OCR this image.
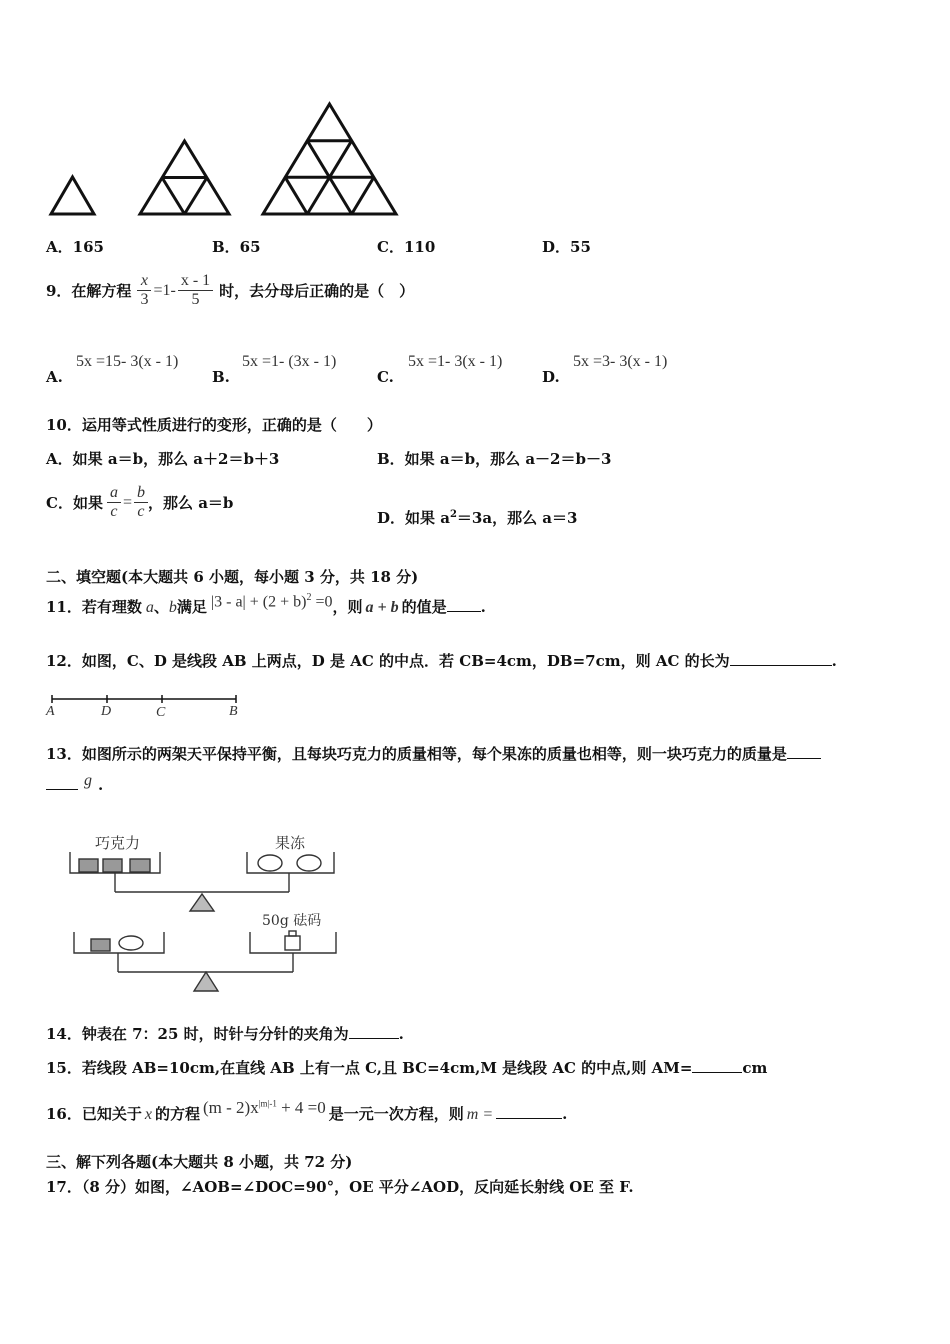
A．165	B．65	C．110	D．55
9．在解方程 $\frac{x}{3} =1- \frac{x - 1}{5}$ 时，去分母后正确的是（　）
A.
5x =15- 3(x - 1)
B.
5x =1- (3x - 1)
C.
5x =1- 3(x - 1)
D.
5x =3- 3(x - 1)
10．运用等式性质进行的变形，正确的是（　　）
A．如果 a＝b，那么 a＋2＝b＋3	B．如果 a＝b，那么 a－2＝b－3
C．如果 $\frac{a}{c} = \frac{b}{c}$ ，那么 a＝b
D．如果 $a^2=3a$，那么 a＝3
二、填空题(本大题共 6 小题，每小题 3 分，共 18 分)
11．若有理数 a 、 b 满足 $|3 - a| + (2 + b)^2 =0$ ，则 a + b 的值是 .
12．如图，C、D 是线段 AB 上两点，D 是 AC 的中点．若 CB=4cm，DB=7cm，则 AC 的长为	.
A	D	C	B
13．如图所示的两架天平保持平衡，且每块巧克力的质量相等，每个果冻的质量也相等，则一块巧克力的质量是
g .
巧克力	果冻
50g 砝码
14．钟表在 7：25 时，时针与分针的夹角为	.
15．若线段 AB=10cm,在直线 AB 上有一点 C,且 BC=4cm,M 是线段 AC 的中点,则 AM=	cm
16．已知关于 x 的方程 $(m - 2)x^{|m|-1} + 4 =0$ 是一元一次方程，则 m =	.
三、解下列各题(本大题共 8 小题，共 72 分)
17．（8 分）如图，∠AOB=∠DOC=90°，OE 平分∠AOD，反向延长射线 OE 至 F.
